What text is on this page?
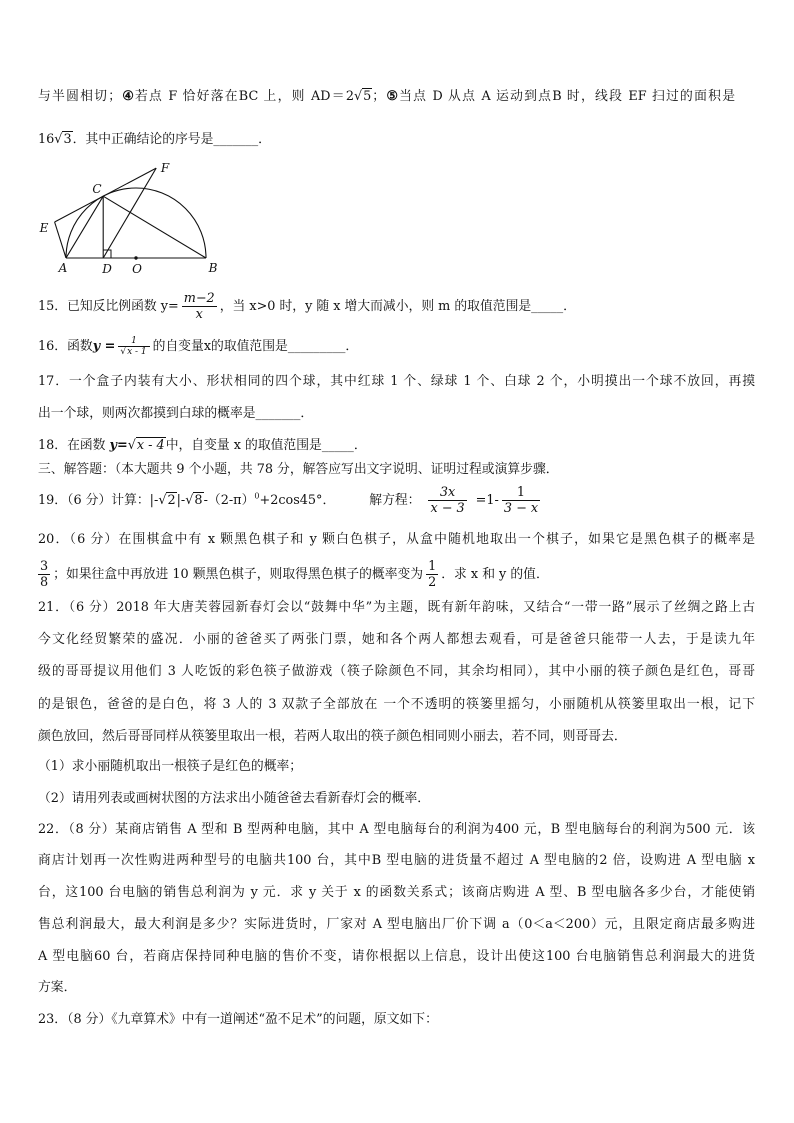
与半圆相切；④若点 F 恰好落在BC 上，则 AD＝2√5；⑤当点 D 从点 A 运动到点B 时，线段 EF 扫过的面积是
16√3．其中正确结论的序号是_______．
C
F
E
A	D O	B
15．已知反比例函数 $y= \frac{m-2}{x}$ ，当 x>0 时，y 随 x 增大而减小，则 m 的取值范围是_____．
16．函数$y = \frac{1}{√x - 1}$ 的自变量x的取值范围是_________．
17．一个盒子内装有大小、形状相同的四个球，其中红球 1 个、绿球 1 个、白球 2 个，小明摸出一个球不放回，再摸
出一个球，则两次都摸到白球的概率是_______．
18．在函数 y=√x - 4中，自变量 x 的取值范围是_____．
三、解答题：（本大题共 9 个小题，共 78 分，解答应写出文字说明、证明过程或演算步骤．
19．（6 分）计算：$|-√2|-√8-(2-\pi)^0+2\cos 45^\circ$．	解方程： $\frac{3x}{x - 3} =1- \frac{1}{3 - x}$
20．（6 分）在围棋盒中有 x 颗黑色棋子和 y 颗白色棋子，从盒中随机地取出一个棋子，如果它是黑色棋子的概率是
$\frac{3}{8}$ ；如果往盒中再放进 10 颗黑色棋子，则取得黑色棋子的概率变为 $\frac{1}{2}$ ．求 x 和 y 的值．
21．（6 分）2018 年大唐芙蓉园新春灯会以“鼓舞中华”为主题，既有新年韵味，又结合“一带一路”展示了丝绸之路上古
今文化经贸繁荣的盛况．小丽的爸爸买了两张门票，她和各个两人都想去观看，可是爸爸只能带一人去，于是读九年
级的哥哥提议用他们 3 人吃饭的彩色筷子做游戏（筷子除颜色不同，其余均相同），其中小丽的筷子颜色是红色，哥哥
的是银色，爸爸的是白色，将 3 人的 3 双款子全部放在 一个不透明的筷篓里摇匀，小丽随机从筷篓里取出一根，记下
颜色放回，然后哥哥同样从筷篓里取出一根，若两人取出的筷子颜色相同则小丽去，若不同，则哥哥去．
（1）求小丽随机取出一根筷子是红色的概率；
（2）请用列表或画树状图的方法求出小随爸爸去看新春灯会的概率．
22．（8 分）某商店销售 A 型和 B 型两种电脑，其中 A 型电脑每台的利润为400 元，B 型电脑每台的利润为500 元．该
商店计划再一次性购进两种型号的电脑共100 台，其中B 型电脑的进货量不超过 A 型电脑的2 倍，设购进 A 型电脑 x
台，这100 台电脑的销售总利润为 y 元．求 y 关于 x 的函数关系式；该商店购进 A 型、B 型电脑各多少台，才能使销
售总利润最大，最大利润是多少？实际进货时，厂家对 A 型电脑出厂价下调 a（0＜a＜200）元，且限定商店最多购进
A 型电脑60 台，若商店保持同种电脑的售价不变，请你根据以上信息，设计出使这100 台电脑销售总利润最大的进货
方案．
23．（8 分）《九章算术》中有一道阐述“盈不足术”的问题，原文如下：
